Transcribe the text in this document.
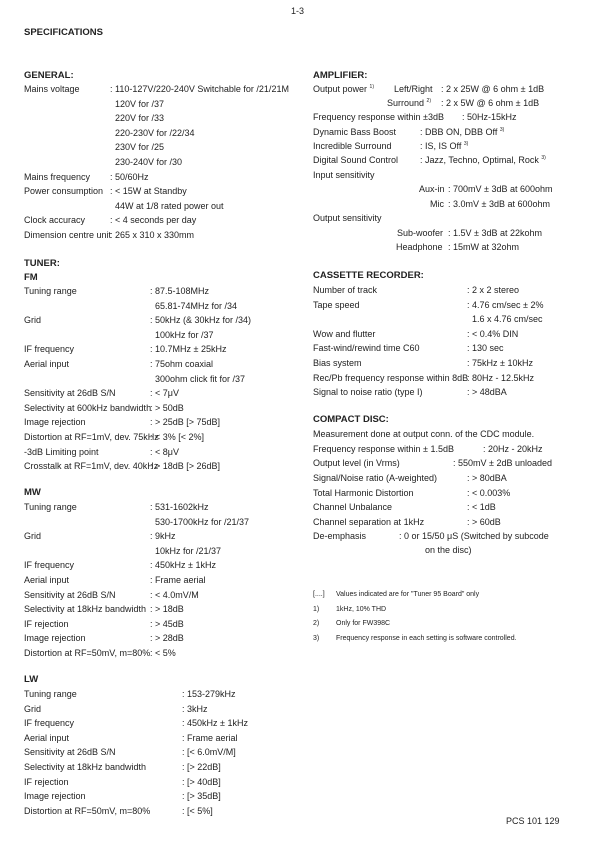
1-3
SPECIFICATIONS
GENERAL:
Mains voltage	: 110-127V/220-240V Switchable for /21/21M
120V for /37
220V for /33
220-230V for /22/34
230V for /25
230-240V for /30
Mains frequency : 50/60Hz
Power consumption : < 15W at Standby
44W at 1/8 rated power out
Clock accuracy	: < 4 seconds per day
Dimension centre unit
: 265 x 310 x 330mm
TUNER:
FM
Tuning range	: 87.5-108MHz
65.81-74MHz for /34
Grid	: 50kHz (& 30kHz for /34)
100kHz for /37
IF frequency	: 10.7MHz ± 25kHz
Aerial input	: 75ohm coaxial
300ohm click fit for /37
Sensitivity at 26dB S/N	: < 7μV
Selectivity at 600kHz bandwidth
: > 50dB
Image rejection	: > 25dB [> 75dB]
Distortion at RF=1mV, dev. 75kHz
: < 3% [< 2%]
-3dB Limiting point	: < 8μV
Crosstalk at RF=1mV, dev. 40kHz
: > 18dB [> 26dB]
MW
Tuning range	: 531-1602kHz
530-1700kHz for /21/37
Grid	: 9kHz
10kHz for /21/37
IF frequency	: 450kHz ± 1kHz
Aerial input	: Frame aerial
Sensitivity at 26dB S/N	: < 4.0mV/M
Selectivity at 18kHz bandwidth : > 18dB
IF rejection	: > 45dB
Image rejection	: > 28dB
Distortion at RF=50mV, m=80% : < 5%
LW
Tuning range	: 153-279kHz
Grid	: 3kHz
IF frequency	: 450kHz ± 1kHz
Aerial input	: Frame aerial
Sensitivity at 26dB S/N	: [< 6.0mV/M]
Selectivity at 18kHz bandwidth	: [> 22dB]
IF rejection	: [> 40dB]
Image rejection	: [> 35dB]
Distortion at RF=50mV, m=80%	: [< 5%]
AMPLIFIER:
Output power $^{1)}$ Left/Right : 2 x 25W @ 6 ohm ± 1dB
Surround $^{2)}$ : 2 x 5W @ 6 ohm ± 1dB
Frequency response within ±3dB : 50Hz-15kHz
Dynamic Bass Boost	: DBB ON, DBB Off $^{3)}$
Incredible Surround	: IS, IS Off $^{3)}$
Digital Sound Control : Jazz, Techno, Optimal, Rock $^{3)}$
Input sensitivity
Aux-in : 700mV ± 3dB at 600ohm
Mic : 3.0mV ± 3dB at 600ohm
Output sensitivity
Sub-woofer : 1.5V ± 3dB at 22kohm
Headphone : 15mW at 32ohm
CASSETTE RECORDER:
Number of track	: 2 x 2 stereo
Tape speed	: 4.76 cm/sec ± 2%
1.6 x 4.76 cm/sec
Wow and flutter	: < 0.4% DIN
Fast-wind/rewind time C60	: 130 sec
Bias system	: 75kHz ± 10kHz
Rec/Pb frequency response within 8dB
: 80Hz - 12.5kHz
Signal to noise ratio (type I)	: > 48dBA
COMPACT DISC:
Measurement done at output conn. of the CDC module.
Frequency response within ± 1.5dB	: 20Hz - 20kHz
Output level (in Vrms)	: 550mV ± 2dB unloaded
Signal/Noise ratio (A-weighted)	: > 80dBA
Total Harmonic Distortion	: < 0.003%
Channel Unbalance	: < 1dB
Channel separation at 1kHz	: > 60dB
De-emphasis	: 0 or 15/50 μS (Switched by subcode
on the disc)
[....] Values indicated are for "Tuner 95 Board" only
1) 1kHz, 10% THD
2) Only for FW398C
3) Frequency response in each setting is software controlled.
PCS 101 129
